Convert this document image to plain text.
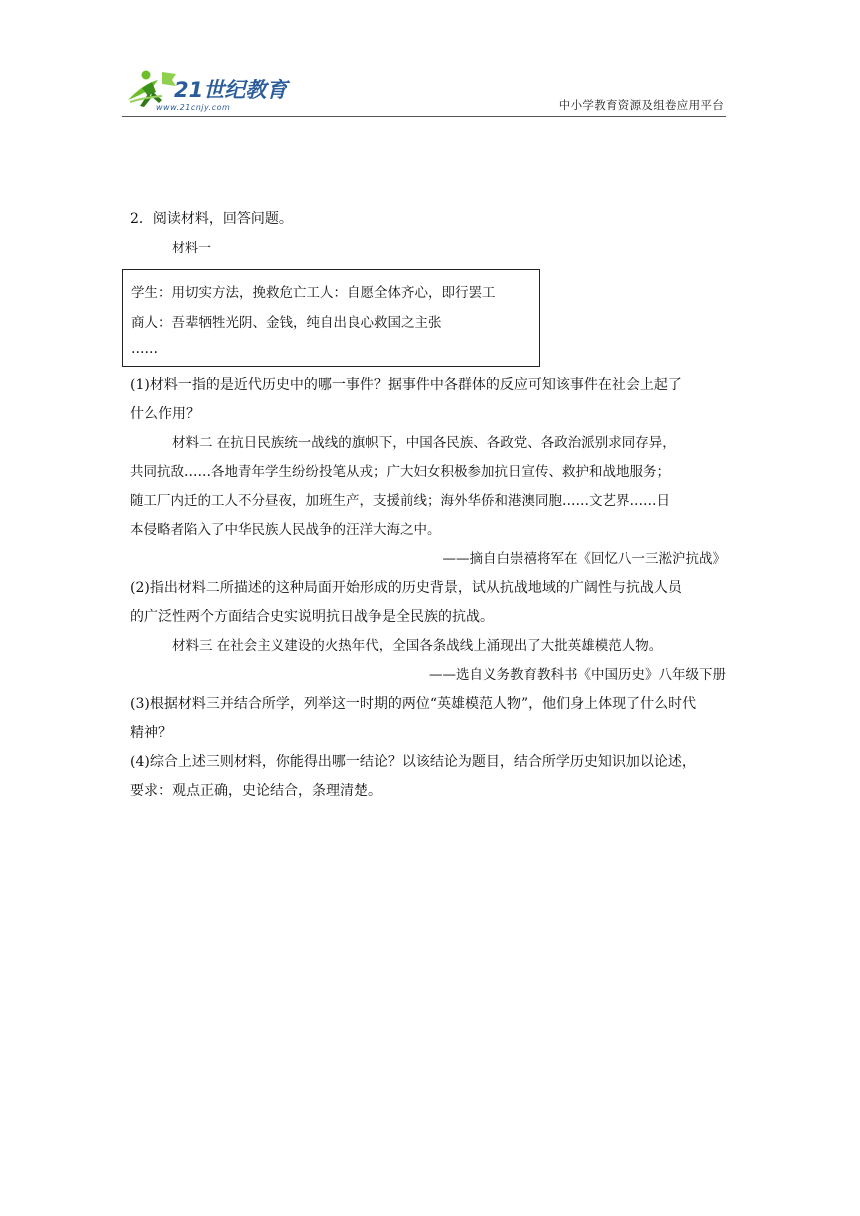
21世纪教育
www.21cnjy.com	中小学教育资源及组卷应用平台
2．阅读材料，回答问题。
材料一
学生：用切实方法，挽救危亡工人：自愿全体齐心，即行罢工
商人：吾辈牺牲光阴、金钱，纯自出良心救国之主张
……
(1)材料一指的是近代历史中的哪一事件？据事件中各群体的反应可知该事件在社会上起了
什么作用？
材料二 在抗日民族统一战线的旗帜下，中国各民族、各政党、各政治派别求同存异，
共同抗敌……各地青年学生纷纷投笔从戎；广大妇女积极参加抗日宣传、救护和战地服务；
随工厂内迁的工人不分昼夜，加班生产，支援前线；海外华侨和港澳同胞……文艺界……日
本侵略者陷入了中华民族人民战争的汪洋大海之中。
——摘自白崇禧将军在《回忆八一三淞沪抗战》
(2)指出材料二所描述的这种局面开始形成的历史背景，试从抗战地域的广阔性与抗战人员
的广泛性两个方面结合史实说明抗日战争是全民族的抗战。
材料三 在社会主义建设的火热年代，全国各条战线上涌现出了大批英雄模范人物。
——选自义务教育教科书《中国历史》八年级下册
(3)根据材料三并结合所学，列举这一时期的两位“英雄模范人物”，他们身上体现了什么时代
精神？
(4)综合上述三则材料，你能得出哪一结论？以该结论为题目，结合所学历史知识加以论述，
要求：观点正确，史论结合，条理清楚。
